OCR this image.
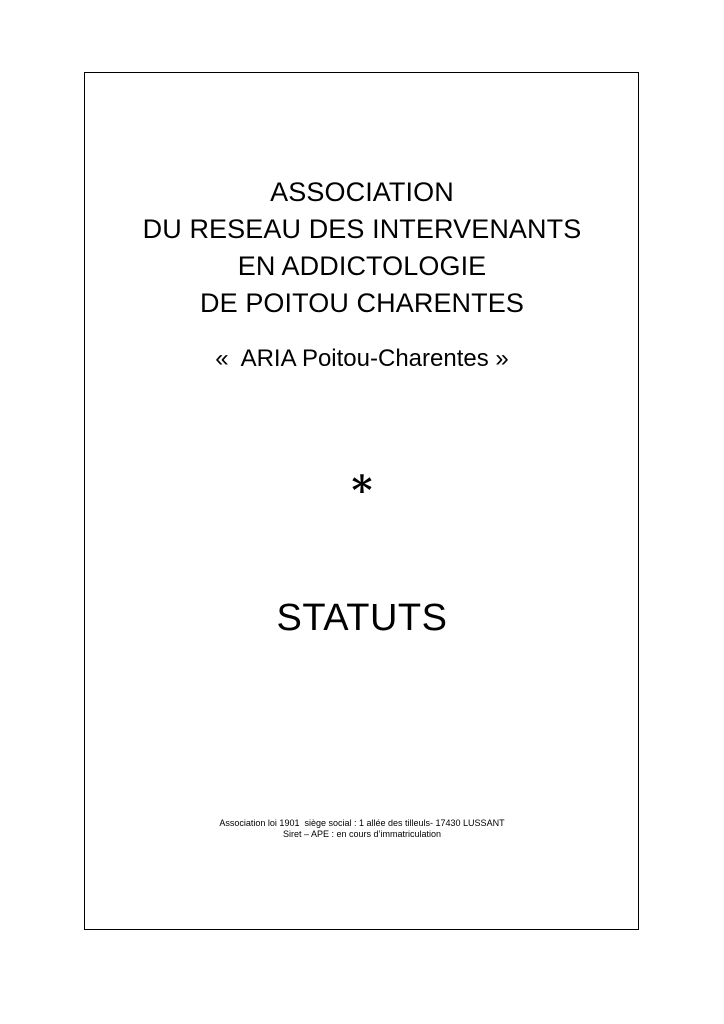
ASSOCIATION
DU RESEAU DES INTERVENANTS
EN ADDICTOLOGIE
DE POITOU CHARENTES
«  ARIA Poitou-Charentes »
*
STATUTS
Association loi 1901  siège social : 1 allée des tilleuls- 17430 LUSSANT
Siret – APE : en cours d’immatriculation
